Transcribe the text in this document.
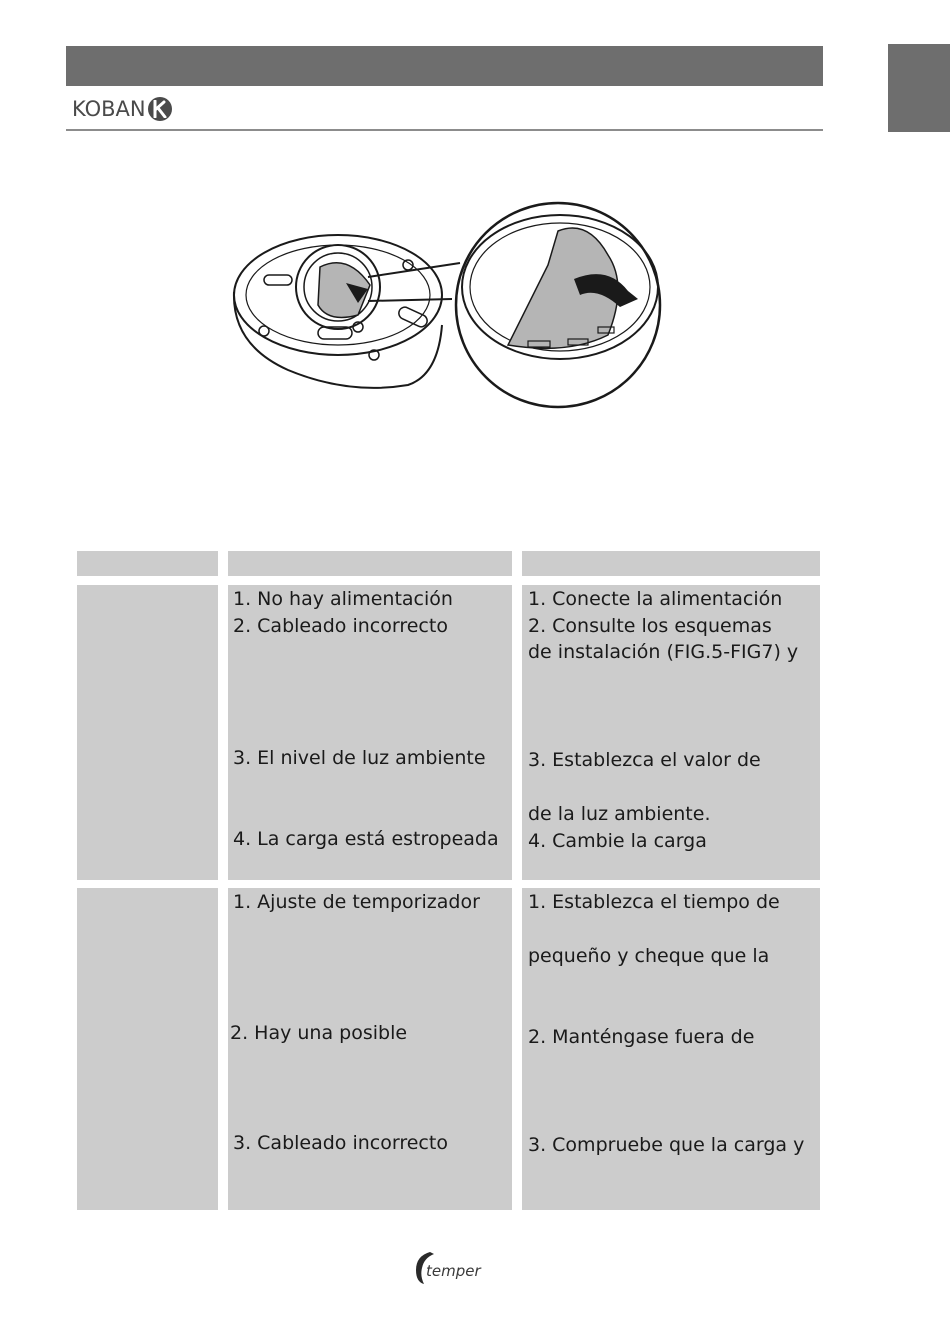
KOBAN
1. No hay alimentación
2. Cableado incorrecto
3. El nivel de luz ambiente
4. La carga está estropeada
1. Conecte la alimentación
2. Consulte los esquemas
de instalación (FIG.5-FIG7) y
3. Establezca el valor de
de la luz ambiente.
4. Cambie la carga
1. Ajuste de temporizador
2. Hay una posible
3. Cableado incorrecto
1. Establezca el tiempo de
pequeño y cheque que la
2. Manténgase fuera de
3. Compruebe que la carga y
temper
